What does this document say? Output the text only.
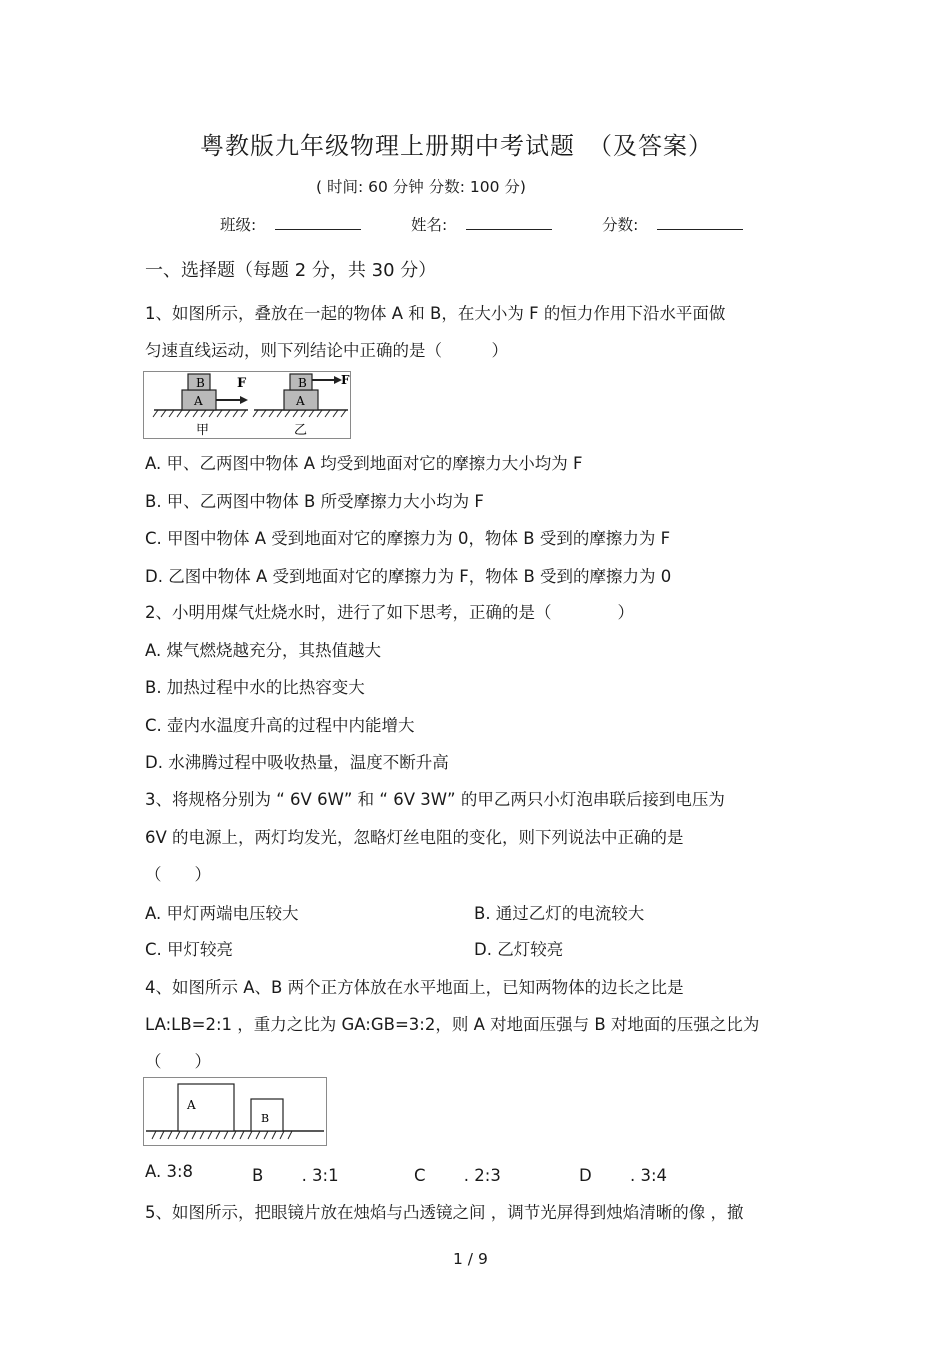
粤教版九年级物理上册期中考试题　（及答案）
( 时间: 60 分钟 分数: 100 分)
班级:	姓名:	分数:
一、选择题（每题 2 分，共 30 分）
1、如图所示，叠放在一起的物体 A 和 B，在大小为 F 的恒力作用下沿水平面做
匀速直线运动，则下列结论中正确的是（　　　）
B
A
F
甲
B
A
F
乙
A. 甲、乙两图中物体 A 均受到地面对它的摩擦力大小均为 F
B. 甲、乙两图中物体 B 所受摩擦力大小均为 F
C. 甲图中物体 A 受到地面对它的摩擦力为 0，物体 B 受到的摩擦力为 F
D. 乙图中物体 A 受到地面对它的摩擦力为 F，物体 B 受到的摩擦力为 0
2、小明用煤气灶烧水时，进行了如下思考，正确的是（　　　　）
A. 煤气燃烧越充分，其热值越大
B. 加热过程中水的比热容变大
C. 壶内水温度升高的过程中内能增大
D. 水沸腾过程中吸收热量，温度不断升高
3、将规格分别为 “ 6V 6W” 和 “ 6V 3W” 的甲乙两只小灯泡串联后接到电压为
6V 的电源上，两灯均发光，忽略灯丝电阻的变化，则下列说法中正确的是
（　　）
A. 甲灯两端电压较大	B. 通过乙灯的电流较大
C. 甲灯较亮	D. 乙灯较亮
4、如图所示 A、B 两个正方体放在水平地面上，已知两物体的边长之比是
LA:LB=2:1 ，重力之比为 GA:GB=3:2，则 A 对地面压强与 B 对地面的压强之比为
（　　）
A
B
A. 3:8	B　　 . 3:1	C　　 . 2:3	D　　 . 3:4
5、如图所示，把眼镜片放在烛焰与凸透镜之间 ，调节光屏得到烛焰清晰的像 ，撤
1 / 9
